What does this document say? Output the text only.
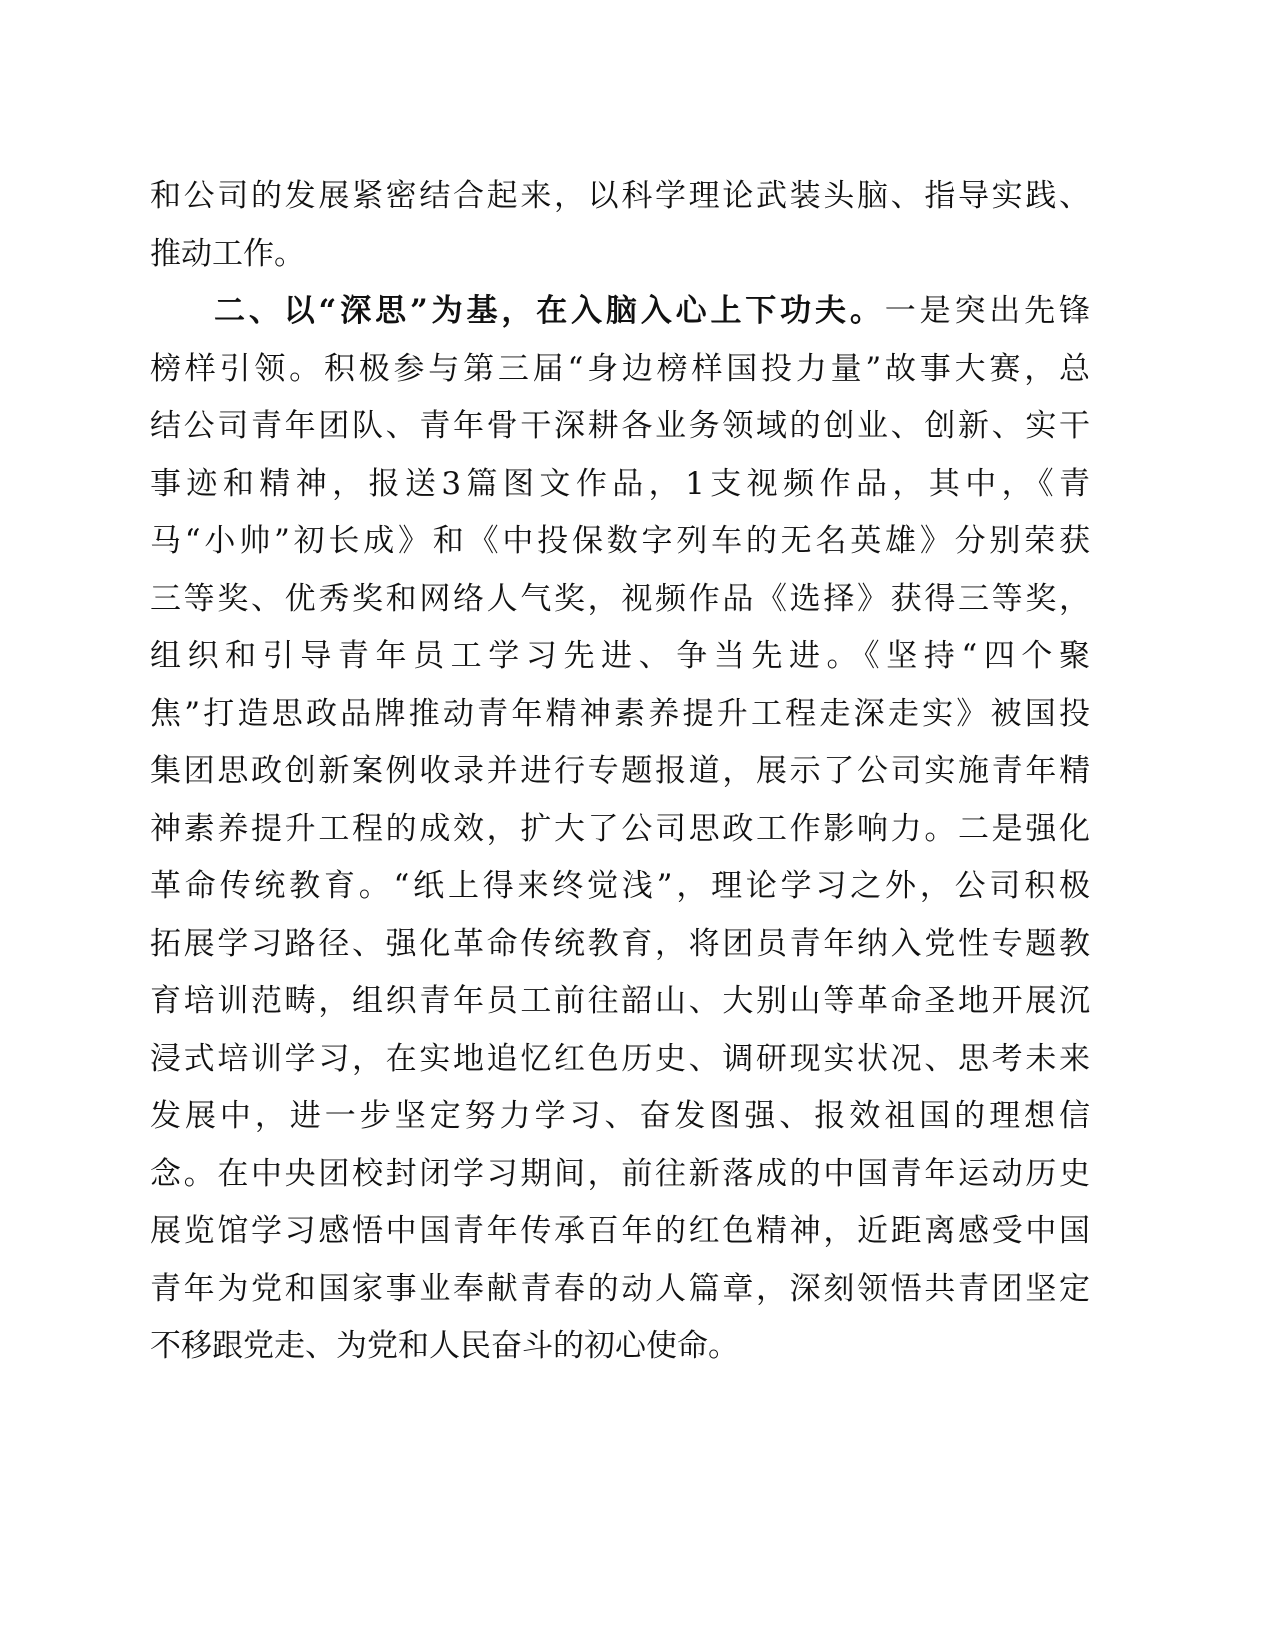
和公司的发展紧密结合起来，以科学理论武装头脑、指导实践、
推动工作。
二、以“深思”为基，在入脑入心上下功夫。一是突出先锋
榜样引领。积极参与第三届“身边榜样国投力量”故事大赛，总
结公司青年团队、青年骨干深耕各业务领域的创业、创新、实干
事迹和精神，报送3篇图文作品，1支视频作品，其中，《青
马“小帅”初长成》和《中投保数字列车的无名英雄》分别荣获
三等奖、优秀奖和网络人气奖，视频作品《选择》获得三等奖，
组织和引导青年员工学习先进、争当先进。《坚持“四个聚
焦”打造思政品牌推动青年精神素养提升工程走深走实》被国投
集团思政创新案例收录并进行专题报道，展示了公司实施青年精
神素养提升工程的成效，扩大了公司思政工作影响力。二是强化
革命传统教育。“纸上得来终觉浅”，理论学习之外，公司积极
拓展学习路径、强化革命传统教育，将团员青年纳入党性专题教
育培训范畴，组织青年员工前往韶山、大别山等革命圣地开展沉
浸式培训学习，在实地追忆红色历史、调研现实状况、思考未来
发展中，进一步坚定努力学习、奋发图强、报效祖国的理想信
念。在中央团校封闭学习期间，前往新落成的中国青年运动历史
展览馆学习感悟中国青年传承百年的红色精神，近距离感受中国
青年为党和国家事业奉献青春的动人篇章，深刻领悟共青团坚定
不移跟党走、为党和人民奋斗的初心使命。
